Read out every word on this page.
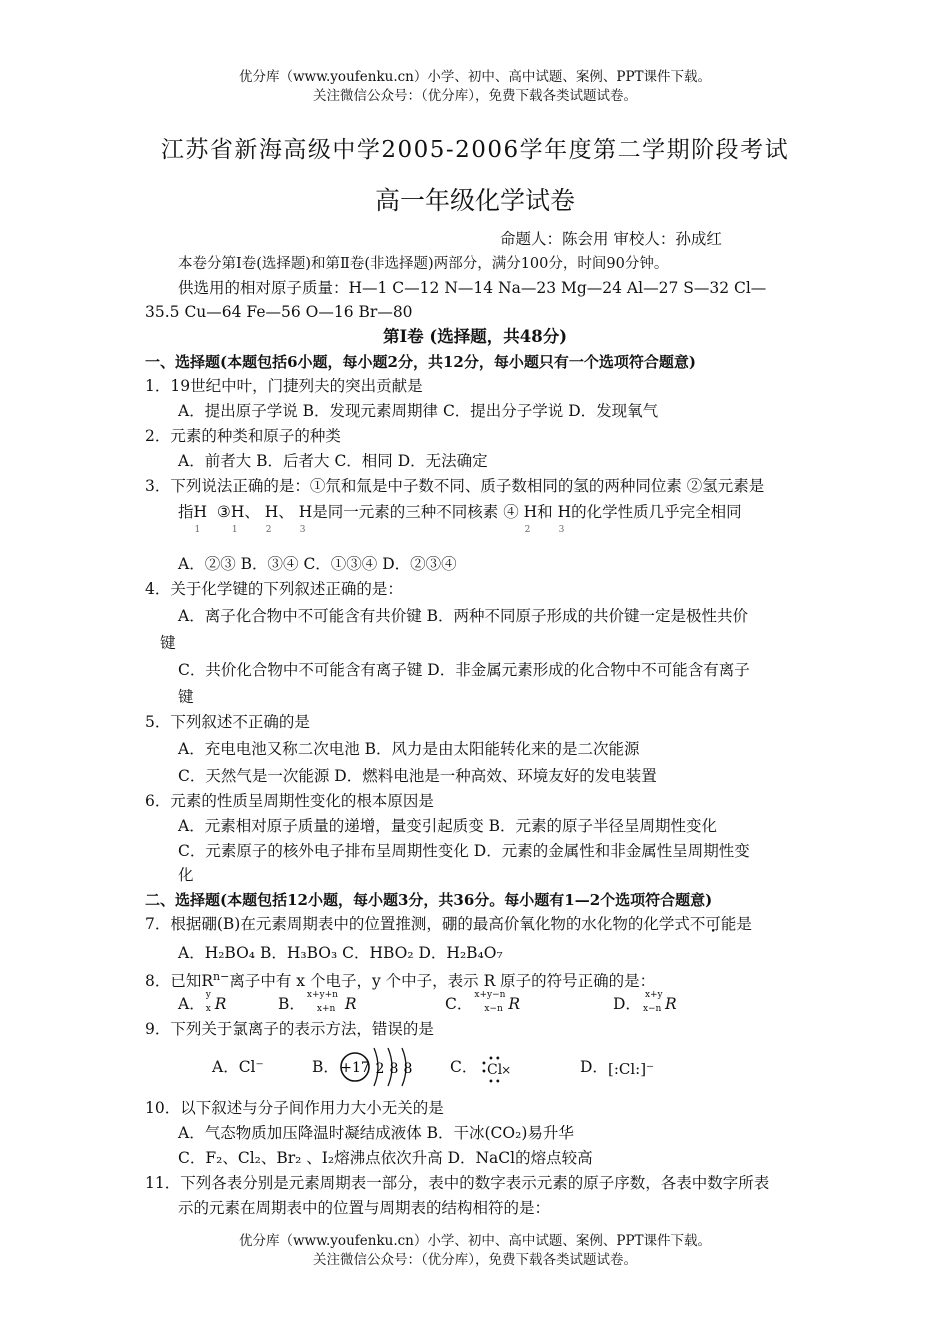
优分库（www.youfenku.cn）小学、初中、高中试题、案例、PPT课件下载。
关注微信公众号：（优分库），免费下载各类试题试卷。
江苏省新海高级中学2005-2006学年度第二学期阶段考试
高一年级化学试卷
命题人：陈会用 审校人：孙成红
本卷分第Ⅰ卷(选择题)和第Ⅱ卷(非选择题)两部分，满分100分，时间90分钟。
供选用的相对原子质量：H—1 C—12 N—14 Na—23 Mg—24 Al—27 S—32 Cl—
35.5 Cu—64 Fe—56 O—16 Br—80
第Ⅰ卷 (选择题，共48分)
一、选择题(本题包括6小题，每小题2分，共12分，每小题只有一个选项符合题意)
1．19世纪中叶，门捷列夫的突出贡献是
A．提出原子学说 B．发现元素周期律 C．提出分子学说 D．发现氧气
2．元素的种类和原子的种类
A．前者大 B．后者大 C．相同 D．无法确定
3．下列说法正确的是：①氘和氚是中子数不同、质子数相同的氢的两种同位素 ②氢元素是
指H
1
③H、
1
H、
2
H是同一元素的三种不同核素 ④
3
H和
2
H的化学性质几乎完全相同
3
A．②③ B．③④ C．①③④ D．②③④
4．关于化学键的下列叙述正确的是：
A．离子化合物中不可能含有共价键 B．两种不同原子形成的共价键一定是极性共价
键
C．共价化合物中不可能含有离子键 D．非金属元素形成的化合物中不可能含有离子
键
5．下列叙述不正确的是
A．充电电池又称二次电池 B．风力是由太阳能转化来的是二次能源
C．天然气是一次能源 D．燃料电池是一种高效、环境友好的发电装置
6．元素的性质呈周期性变化的根本原因是
A．元素相对原子质量的递增，量变引起质变 B．元素的原子半径呈周期性变化
C．元素原子的核外电子排布呈周期性变化 D．元素的金属性和非金属性呈周期性变
化
二、选择题(本题包括12小题，每小题3分，共36分。每小题有1—2个选项符合题意)
7．根据硼(B)在元素周期表中的位置推测，硼的最高价氧化物的水化物的化学式不可能是
A．H₂BO₄ B．H₃BO₃ C．HBO₂ D．H₂B₄O₇
8．已知$R^{n-}$离子中有 x 个电子，y 个中子，表示 R 原子的符号正确的是：
A． y
x R	B． x+y+n
x+n R	C． x+y−n
x−n R	D． x+y
x−n R
9．下列关于氯离子的表示方法，错误的是
A．Cl⁻	B． +17 2 8 8 C． ••
•
• Cl
×
••
D． [:Cl:]⁻
10．以下叙述与分子间作用力大小无关的是
A．气态物质加压降温时凝结成液体 B．干冰(CO₂)易升华
C．F₂、Cl₂、Br₂ 、I₂熔沸点依次升高 D．NaCl的熔点较高
11．下列各表分别是元素周期表一部分，表中的数字表示元素的原子序数，各表中数字所表
示的元素在周期表中的位置与周期表的结构相符的是：
优分库（www.youfenku.cn）小学、初中、高中试题、案例、PPT课件下载。
关注微信公众号：（优分库），免费下载各类试题试卷。
